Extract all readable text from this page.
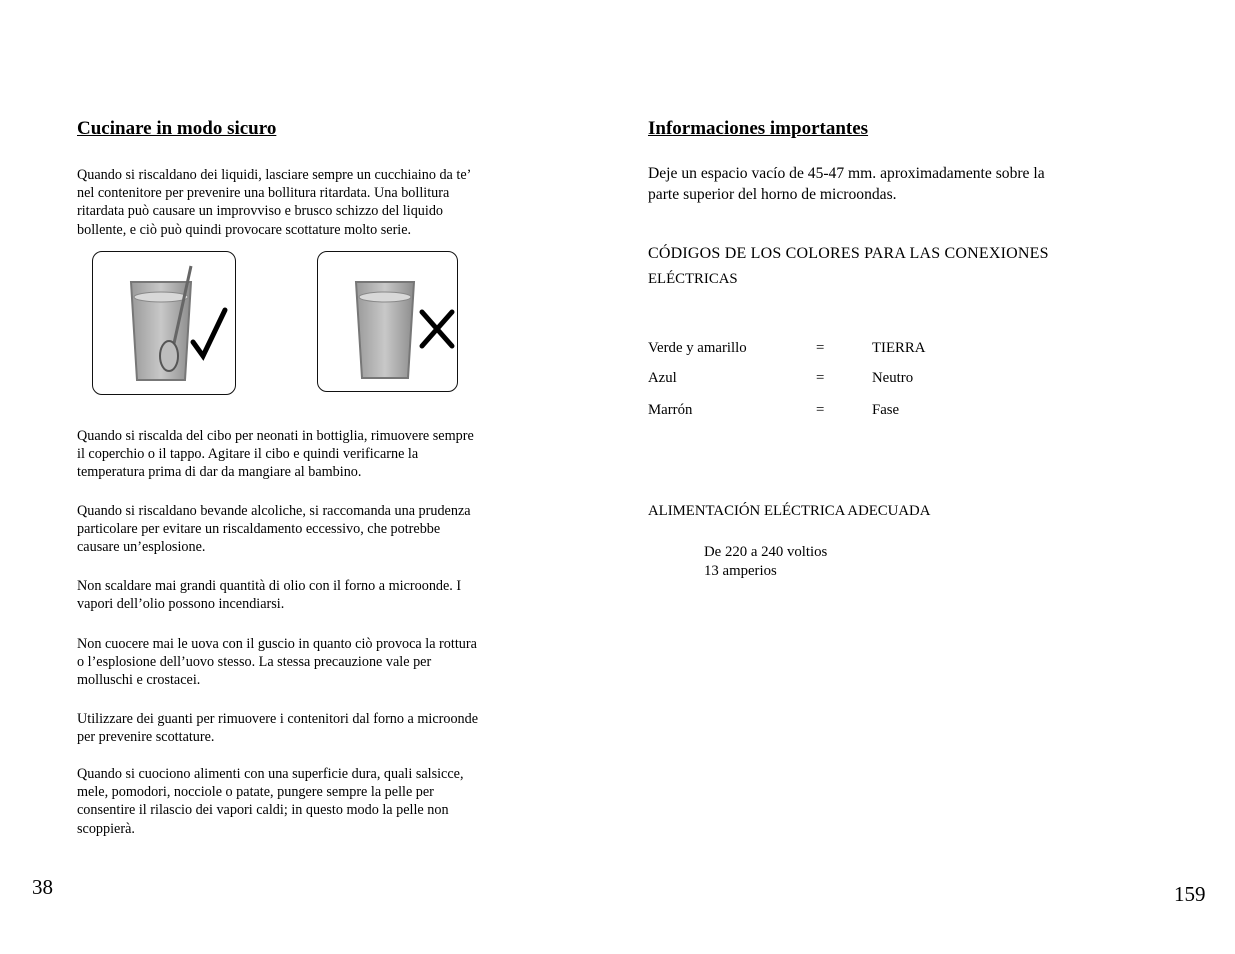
Cucinare in modo sicuro
Quando si riscaldano dei liquidi, lasciare sempre un cucchiaino da te’
nel contenitore per prevenire una bollitura ritardata. Una bollitura
ritardata può causare un improvviso e brusco schizzo del liquido
bollente, e ciò può quindi provocare scottature molto serie.
Quando si riscalda del cibo per neonati in bottiglia, rimuovere sempre
il coperchio o il tappo. Agitare il cibo e quindi verificarne la
temperatura prima di dar da mangiare al bambino.
Quando si riscaldano bevande alcoliche, si raccomanda una prudenza
particolare per evitare un riscaldamento eccessivo, che potrebbe
causare un’esplosione.
Non scaldare mai grandi quantità di olio con il forno a microonde. I
vapori dell’olio possono incendiarsi.
Non cuocere mai le uova con il guscio in quanto ciò provoca la rottura
o l’esplosione dell’uovo stesso. La stessa precauzione vale per
molluschi e crostacei.
Utilizzare dei guanti per rimuovere i contenitori dal forno a microonde
per prevenire scottature.
Quando si cuociono alimenti con una superficie dura, quali salsicce,
mele, pomodori, nocciole o patate, pungere sempre la pelle per
consentire il rilascio dei vapori caldi; in questo modo la pelle non
scoppierà.
38
Informaciones importantes
Deje un espacio vacío de 45-47 mm. aproximadamente sobre la
parte superior del horno de microondas.
CÓDIGOS DE LOS COLORES PARA LAS CONEXIONES
ELÉCTRICAS
Verde y amarillo	=	TIERRA
Azul	=	Neutro
Marrón	=	Fase
ALIMENTACIÓN ELÉCTRICA ADECUADA
De 220 a 240 voltios
13 amperios
159
